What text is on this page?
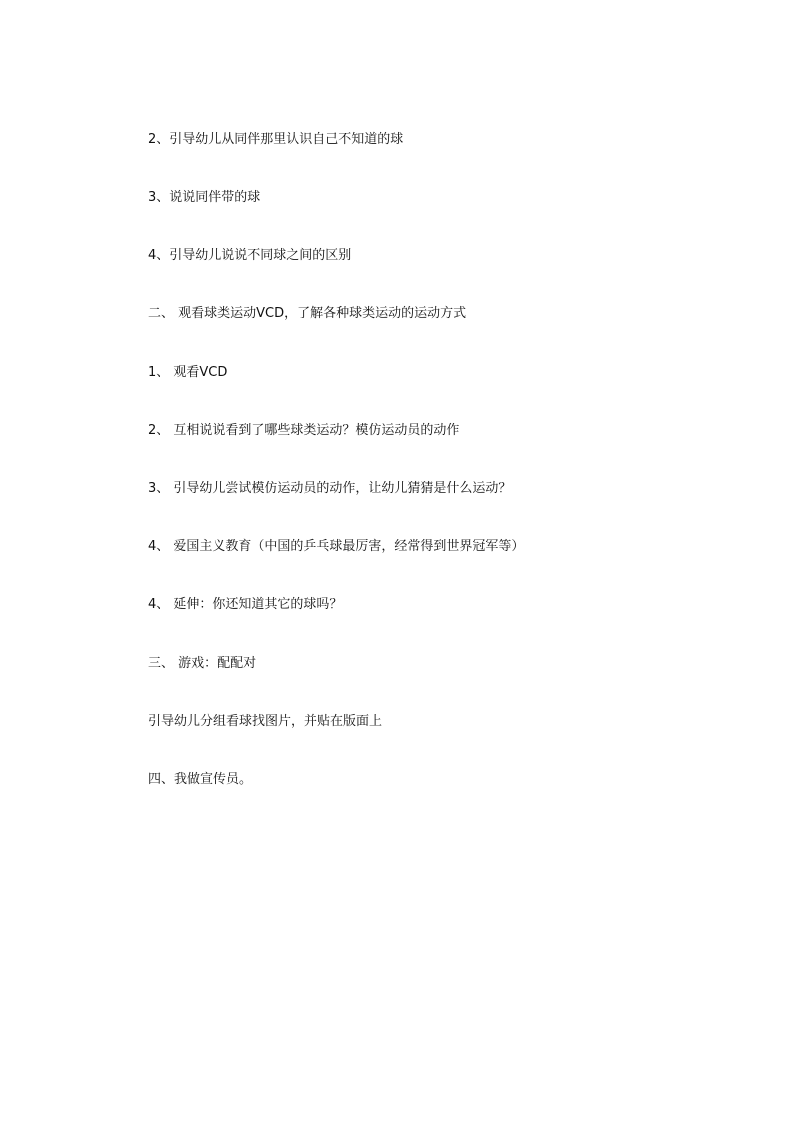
2、引导幼儿从同伴那里认识自己不知道的球
3、说说同伴带的球
4、引导幼儿说说不同球之间的区别
二、 观看球类运动VCD，了解各种球类运动的运动方式
1、 观看VCD
2、 互相说说看到了哪些球类运动？模仿运动员的动作
3、 引导幼儿尝试模仿运动员的动作，让幼儿猜猜是什么运动？
4、 爱国主义教育（中国的乒乓球最厉害，经常得到世界冠军等）
4、 延伸：你还知道其它的球吗？
三、 游戏：配配对
引导幼儿分组看球找图片，并贴在版面上
四、我做宣传员。
